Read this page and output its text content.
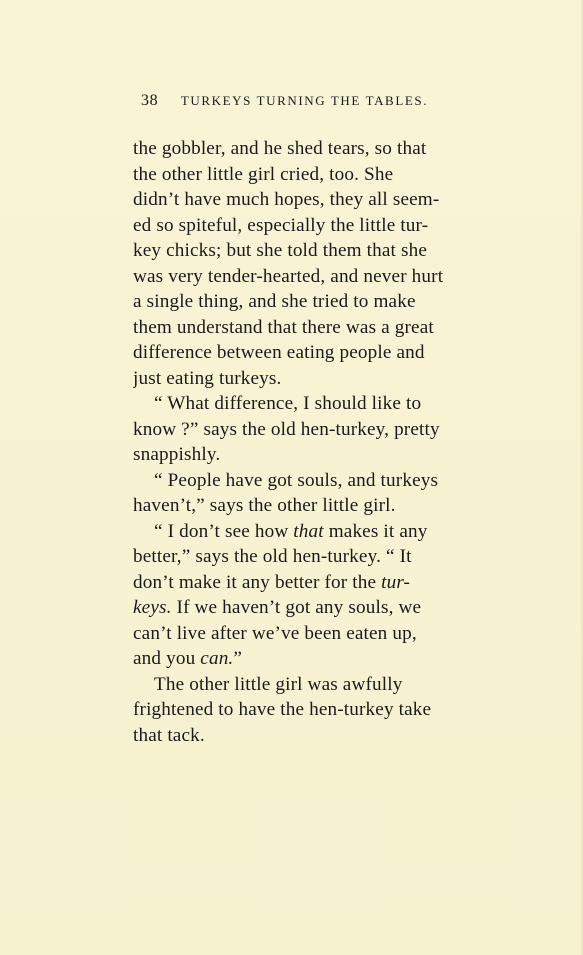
38 TURKEYS TURNING THE TABLES.
the gobbler, and he shed tears, so that
the other little girl cried, too. She
didn’t have much hopes, they all seem-
ed so spiteful, especially the little tur-
key chicks; but she told them that she
was very tender-hearted, and never hurt
a single thing, and she tried to make
them understand that there was a great
difference between eating people and
just eating turkeys.
“ What difference, I should like to
know ?” says the old hen-turkey, pretty
snappishly.
“ People have got souls, and turkeys
haven’t,” says the other little girl.
“ I don’t see how that makes it any
better,” says the old hen-turkey. “ It
don’t make it any better for the tur-
keys. If we haven’t got any souls, we
can’t live after we’ve been eaten up,
and you can.”
The other little girl was awfully
frightened to have the hen-turkey take
that tack.
